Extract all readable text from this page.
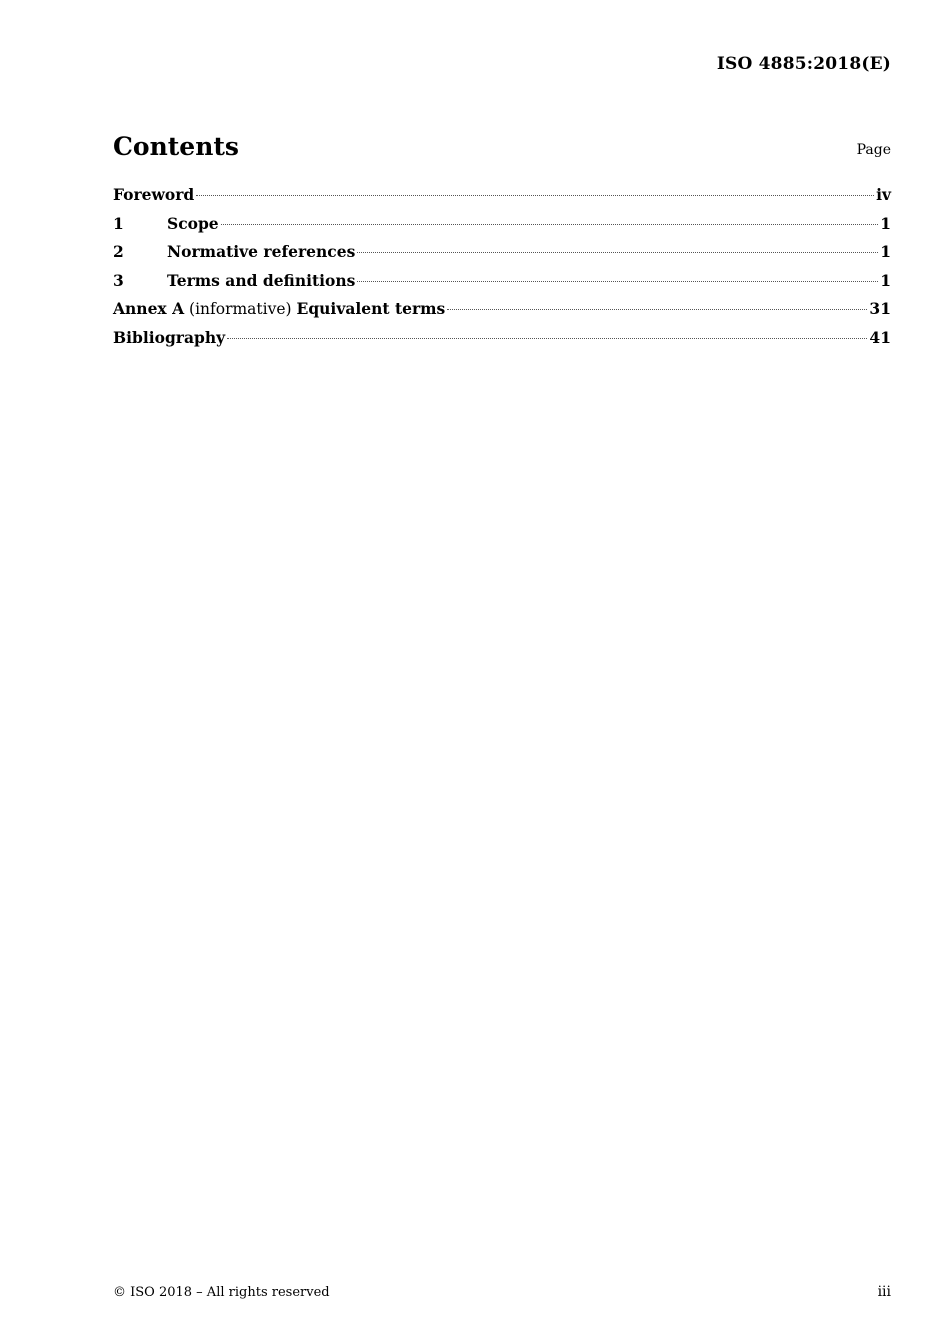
ISO 4885:2018(E)
Contents	Page
Foreword	iv
1	Scope	1
2	Normative references	1
3	Terms and definitions	1
Annex A (informative) Equivalent terms	31
Bibliography	41
© ISO 2018 – All rights reserved	iii
